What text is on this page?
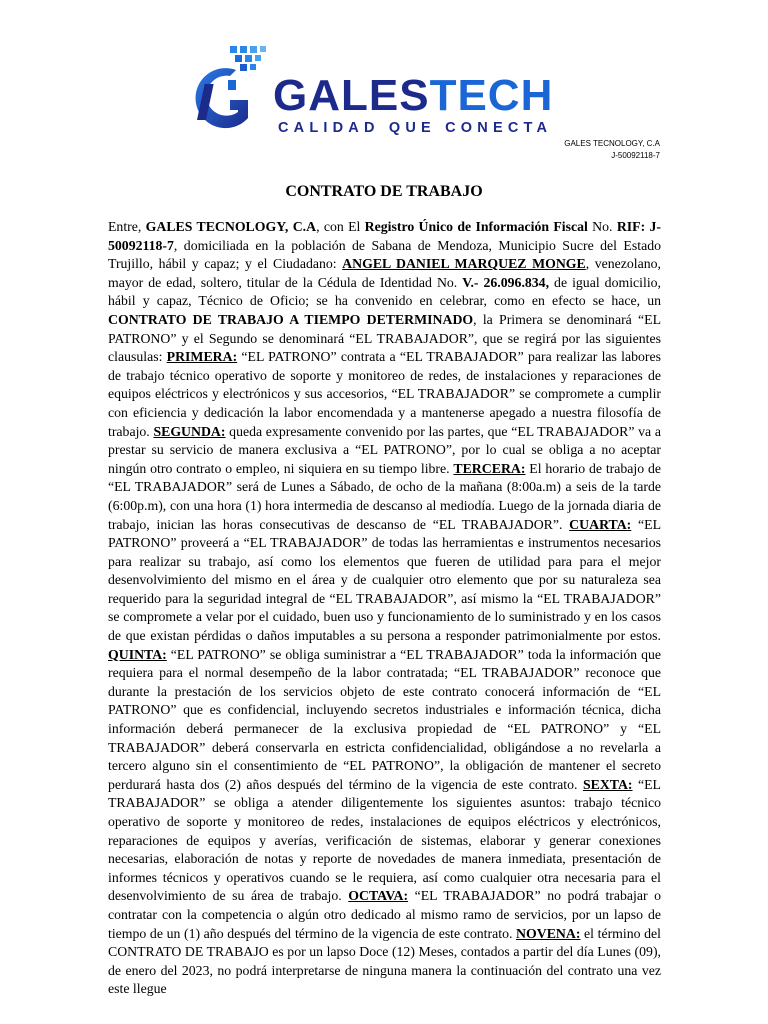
GALESTECH
CALIDAD QUE CONECTA
GALES TECNOLOGY, C.A
J-50092118-7
CONTRATO DE TRABAJO
Entre, GALES TECNOLOGY, C.A, con El Registro Único de Información Fiscal No. RIF: J-50092118-7, domiciliada en la población de Sabana de Mendoza, Municipio Sucre del Estado Trujillo, hábil y capaz; y el Ciudadano: ANGEL DANIEL MARQUEZ MONGE, venezolano, mayor de edad, soltero, titular de la Cédula de Identidad No. V.- 26.096.834, de igual domicilio, hábil y capaz, Técnico de Oficio; se ha convenido en celebrar, como en efecto se hace, un CONTRATO DE TRABAJO A TIEMPO DETERMINADO, la Primera se denominará “EL PATRONO” y el Segundo se denominará “EL TRABAJADOR”, que se regirá por las siguientes clausulas: PRIMERA: “EL PATRONO” contrata a “EL TRABAJADOR” para realizar las labores de trabajo técnico operativo de soporte y monitoreo de redes, de instalaciones y reparaciones de equipos eléctricos y electrónicos y sus accesorios, “EL TRABAJADOR” se compromete a cumplir con eficiencia y dedicación la labor encomendada y a mantenerse apegado a nuestra filosofía de trabajo. SEGUNDA: queda expresamente convenido por las partes, que “EL TRABAJADOR” va a prestar su servicio de manera exclusiva a “EL PATRONO”, por lo cual se obliga a no aceptar ningún otro contrato o empleo, ni siquiera en su tiempo libre. TERCERA: El horario de trabajo de “EL TRABAJADOR” será de Lunes a Sábado, de ocho de la mañana (8:00a.m) a seis de la tarde (6:00p.m), con una hora (1) hora intermedia de descanso al mediodía. Luego de la jornada diaria de trabajo, inician las horas consecutivas de descanso de “EL TRABAJADOR”. CUARTA: “EL PATRONO” proveerá a “EL TRABAJADOR” de todas las herramientas e instrumentos necesarios para realizar su trabajo, así como los elementos que fueren de utilidad para para el mejor desenvolvimiento del mismo en el área y de cualquier otro elemento que por su naturaleza sea requerido para la seguridad integral de “EL TRABAJADOR”, así mismo la “EL TRABAJADOR” se compromete a velar por el cuidado, buen uso y funcionamiento de lo suministrado y en los casos de que existan pérdidas o daños imputables a su persona a responder patrimonialmente por estos. QUINTA: “EL PATRONO” se obliga suministrar a “EL TRABAJADOR” toda la información que requiera para el normal desempeño de la labor contratada; “EL TRABAJADOR” reconoce que durante la prestación de los servicios objeto de este contrato conocerá información de “EL PATRONO” que es confidencial, incluyendo secretos industriales e información técnica, dicha información deberá permanecer de la exclusiva propiedad de “EL PATRONO” y “EL TRABAJADOR” deberá conservarla en estricta confidencialidad, obligándose a no revelarla a tercero alguno sin el consentimiento de “EL PATRONO”, la obligación de mantener el secreto perdurará hasta dos (2) años después del término de la vigencia de este contrato. SEXTA: “EL TRABAJADOR” se obliga a atender diligentemente los siguientes asuntos: trabajo técnico operativo de soporte y monitoreo de redes, instalaciones de equipos eléctricos y electrónicos, reparaciones de equipos y averías, verificación de sistemas, elaborar y generar conexiones necesarias, elaboración de notas y reporte de novedades de manera inmediata, presentación de informes técnicos y operativos cuando se le requiera, así como cualquier otra necesaria para el desenvolvimiento de su área de trabajo. OCTAVA: “EL TRABAJADOR” no podrá trabajar o contratar con la competencia o algún otro dedicado al mismo ramo de servicios, por un lapso de tiempo de un (1) año después del término de la vigencia de este contrato. NOVENA: el término del CONTRATO DE TRABAJO es por un lapso Doce (12) Meses, contados a partir del día Lunes (09), de enero del 2023, no podrá interpretarse de ninguna manera la continuación del contrato una vez este llegue
